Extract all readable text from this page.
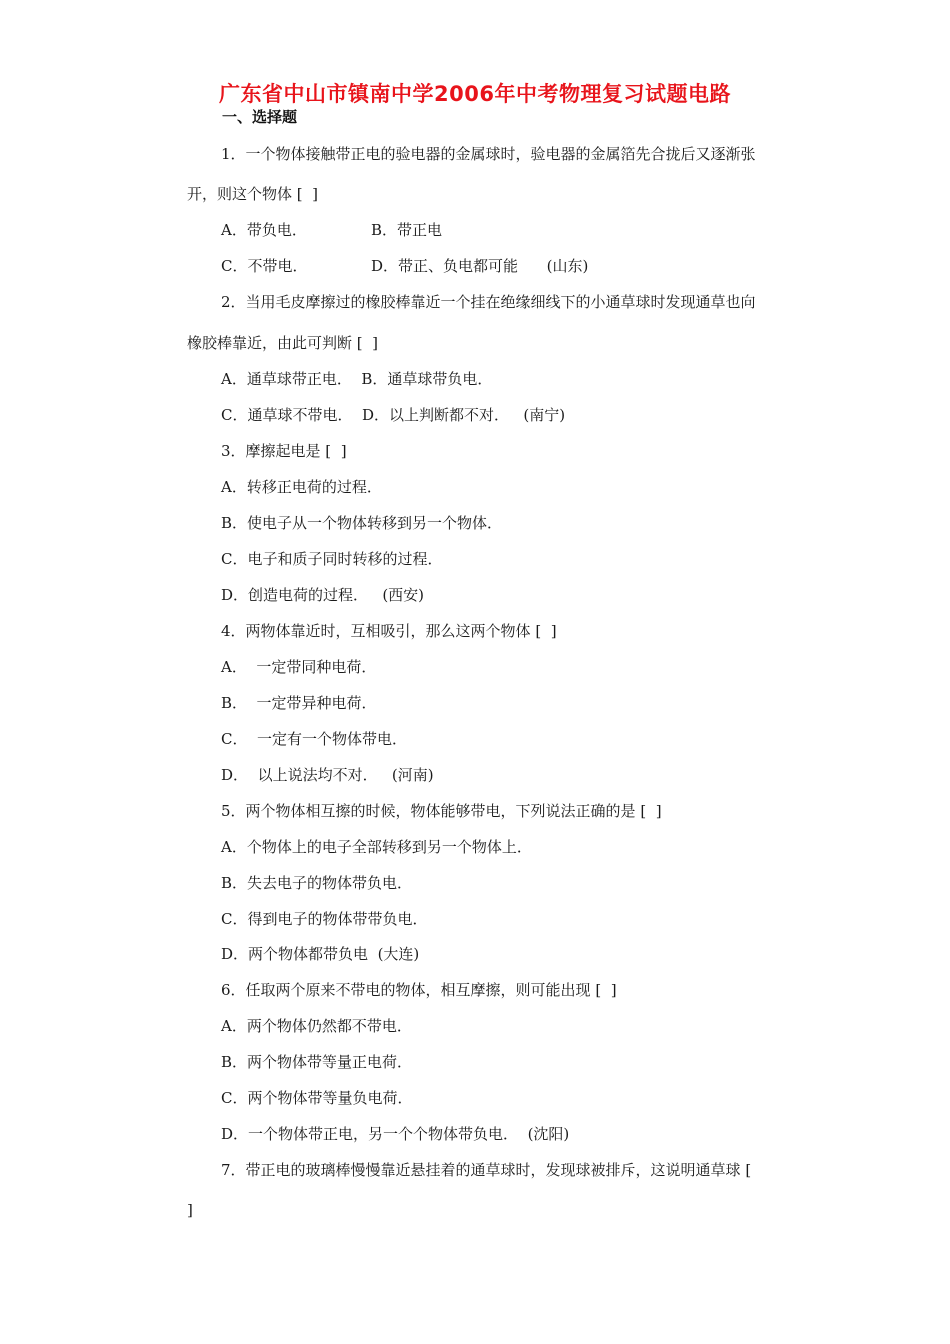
广东省中山市镇南中学2006年中考物理复习试题电路
一、选择题
1．一个物体接触带正电的验电器的金属球时，验电器的金属箔先合拢后又逐渐张
开，则这个物体 [  ]
A．带负电．	B．带正电
C．不带电．	D．带正、负电都可能      (山东)
2．当用毛皮摩擦过的橡胶棒靠近一个挂在绝缘细线下的小通草球时发现通草也向
橡胶棒靠近，由此可判断 [  ]
A．通草球带正电．  B．通草球带负电．
C．通草球不带电．  D．以上判断都不对．   (南宁)
3．摩擦起电是 [  ]
A．转移正电荷的过程．
B．使电子从一个物体转移到另一个物体．
C．电子和质子同时转移的过程．
D．创造电荷的过程．   (西安)
4．两物体靠近时，互相吸引，那么这两个物体 [  ]
A．  一定带同种电荷．
B．  一定带异种电荷．
C．  一定有一个物体带电．
D．  以上说法均不对．   (河南)
5．两个物体相互擦的时候，物体能够带电，下列说法正确的是 [  ]
A．个物体上的电子全部转移到另一个物体上．
B．失去电子的物体带负电．
C．得到电子的物体带带负电．
D．两个物体都带负电  (大连)
6．任取两个原来不带电的物体，相互摩擦，则可能出现 [  ]
A．两个物体仍然都不带电．
B．两个物体带等量正电荷．
C．两个物体带等量负电荷．
D．一个物体带正电，另一个个物体带负电．  (沈阳)
7．带正电的玻璃棒慢慢靠近悬挂着的通草球时，发现球被排斥，这说明通草球 [
]
